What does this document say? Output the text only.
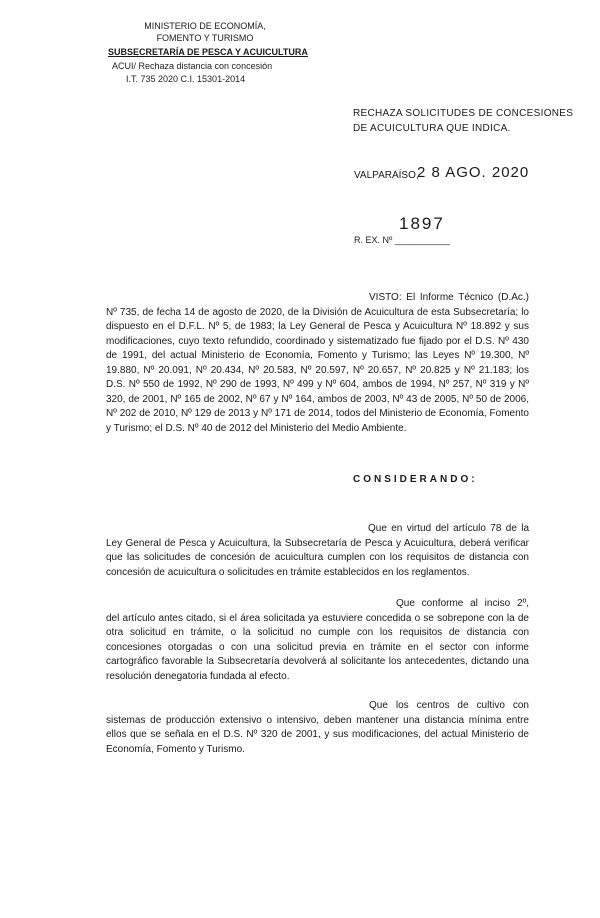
MINISTERIO DE ECONOMÍA,
FOMENTO Y TURISMO
SUBSECRETARÍA DE PESCA Y ACUICULTURA
ACUI/ Rechaza distancia con concesión
I.T. 735 2020 C.I. 15301-2014
RECHAZA SOLICITUDES DE CONCESIONES
DE ACUICULTURA QUE INDICA.
VALPARAÍSO,
2 8 AGO. 2020
1897
R. EX. Nº ___________
VISTO: El Informe Técnico (D.Ac.) Nº 735, de fecha 14 de agosto de 2020, de la División de Acuicultura de esta Subsecretaría; lo dispuesto en el D.F.L. Nº 5, de 1983; la Ley General de Pesca y Acuicultura Nº 18.892 y sus modificaciones, cuyo texto refundido, coordinado y sistematizado fue fijado por el D.S. Nº 430 de 1991, del actual Ministerio de Economía, Fomento y Turismo; las Leyes Nº 19.300, Nº 19.880, Nº 20.091, Nº 20.434, Nº 20.583, Nº 20.597, Nº 20.657, Nº 20.825 y Nº 21.183; los D.S. Nº 550 de 1992, Nº 290 de 1993, Nº 499 y Nº 604, ambos de 1994, Nº 257, Nº 319 y Nº 320, de 2001, Nº 165 de 2002, Nº 67 y Nº 164, ambos de 2003, Nº 43 de 2005, Nº 50 de 2006, Nº 202 de 2010, Nº 129 de 2013 y Nº 171 de 2014, todos del Ministerio de Economía, Fomento y Turismo; el D.S. Nº 40 de 2012 del Ministerio del Medio Ambiente.
CONSIDERANDO:
Que en virtud del artículo 78 de la Ley General de Pesca y Acuicultura, la Subsecretaría de Pesca y Acuicultura, deberá verificar que las solicitudes de concesión de acuicultura cumplen con los requisitos de distancia con concesión de acuicultura o solicitudes en trámite establecidos en los reglamentos.
Que conforme al inciso 2º, del artículo antes citado, si el área solicitada ya estuviere concedida o se sobrepone con la de otra solicitud en trámite, o la solicitud no cumple con los requisitos de distancia con concesiones otorgadas o con una solicitud previa en trámite en el sector con informe cartográfico favorable la Subsecretaría devolverá al solicitante los antecedentes, dictando una resolución denegatoria fundada al efecto.
Que los centros de cultivo con sistemas de producción extensivo o intensivo, deben mantener una distancia mínima entre ellos que se señala en el D.S. Nº 320 de 2001, y sus modificaciones, del actual Ministerio de Economía, Fomento y Turismo.
